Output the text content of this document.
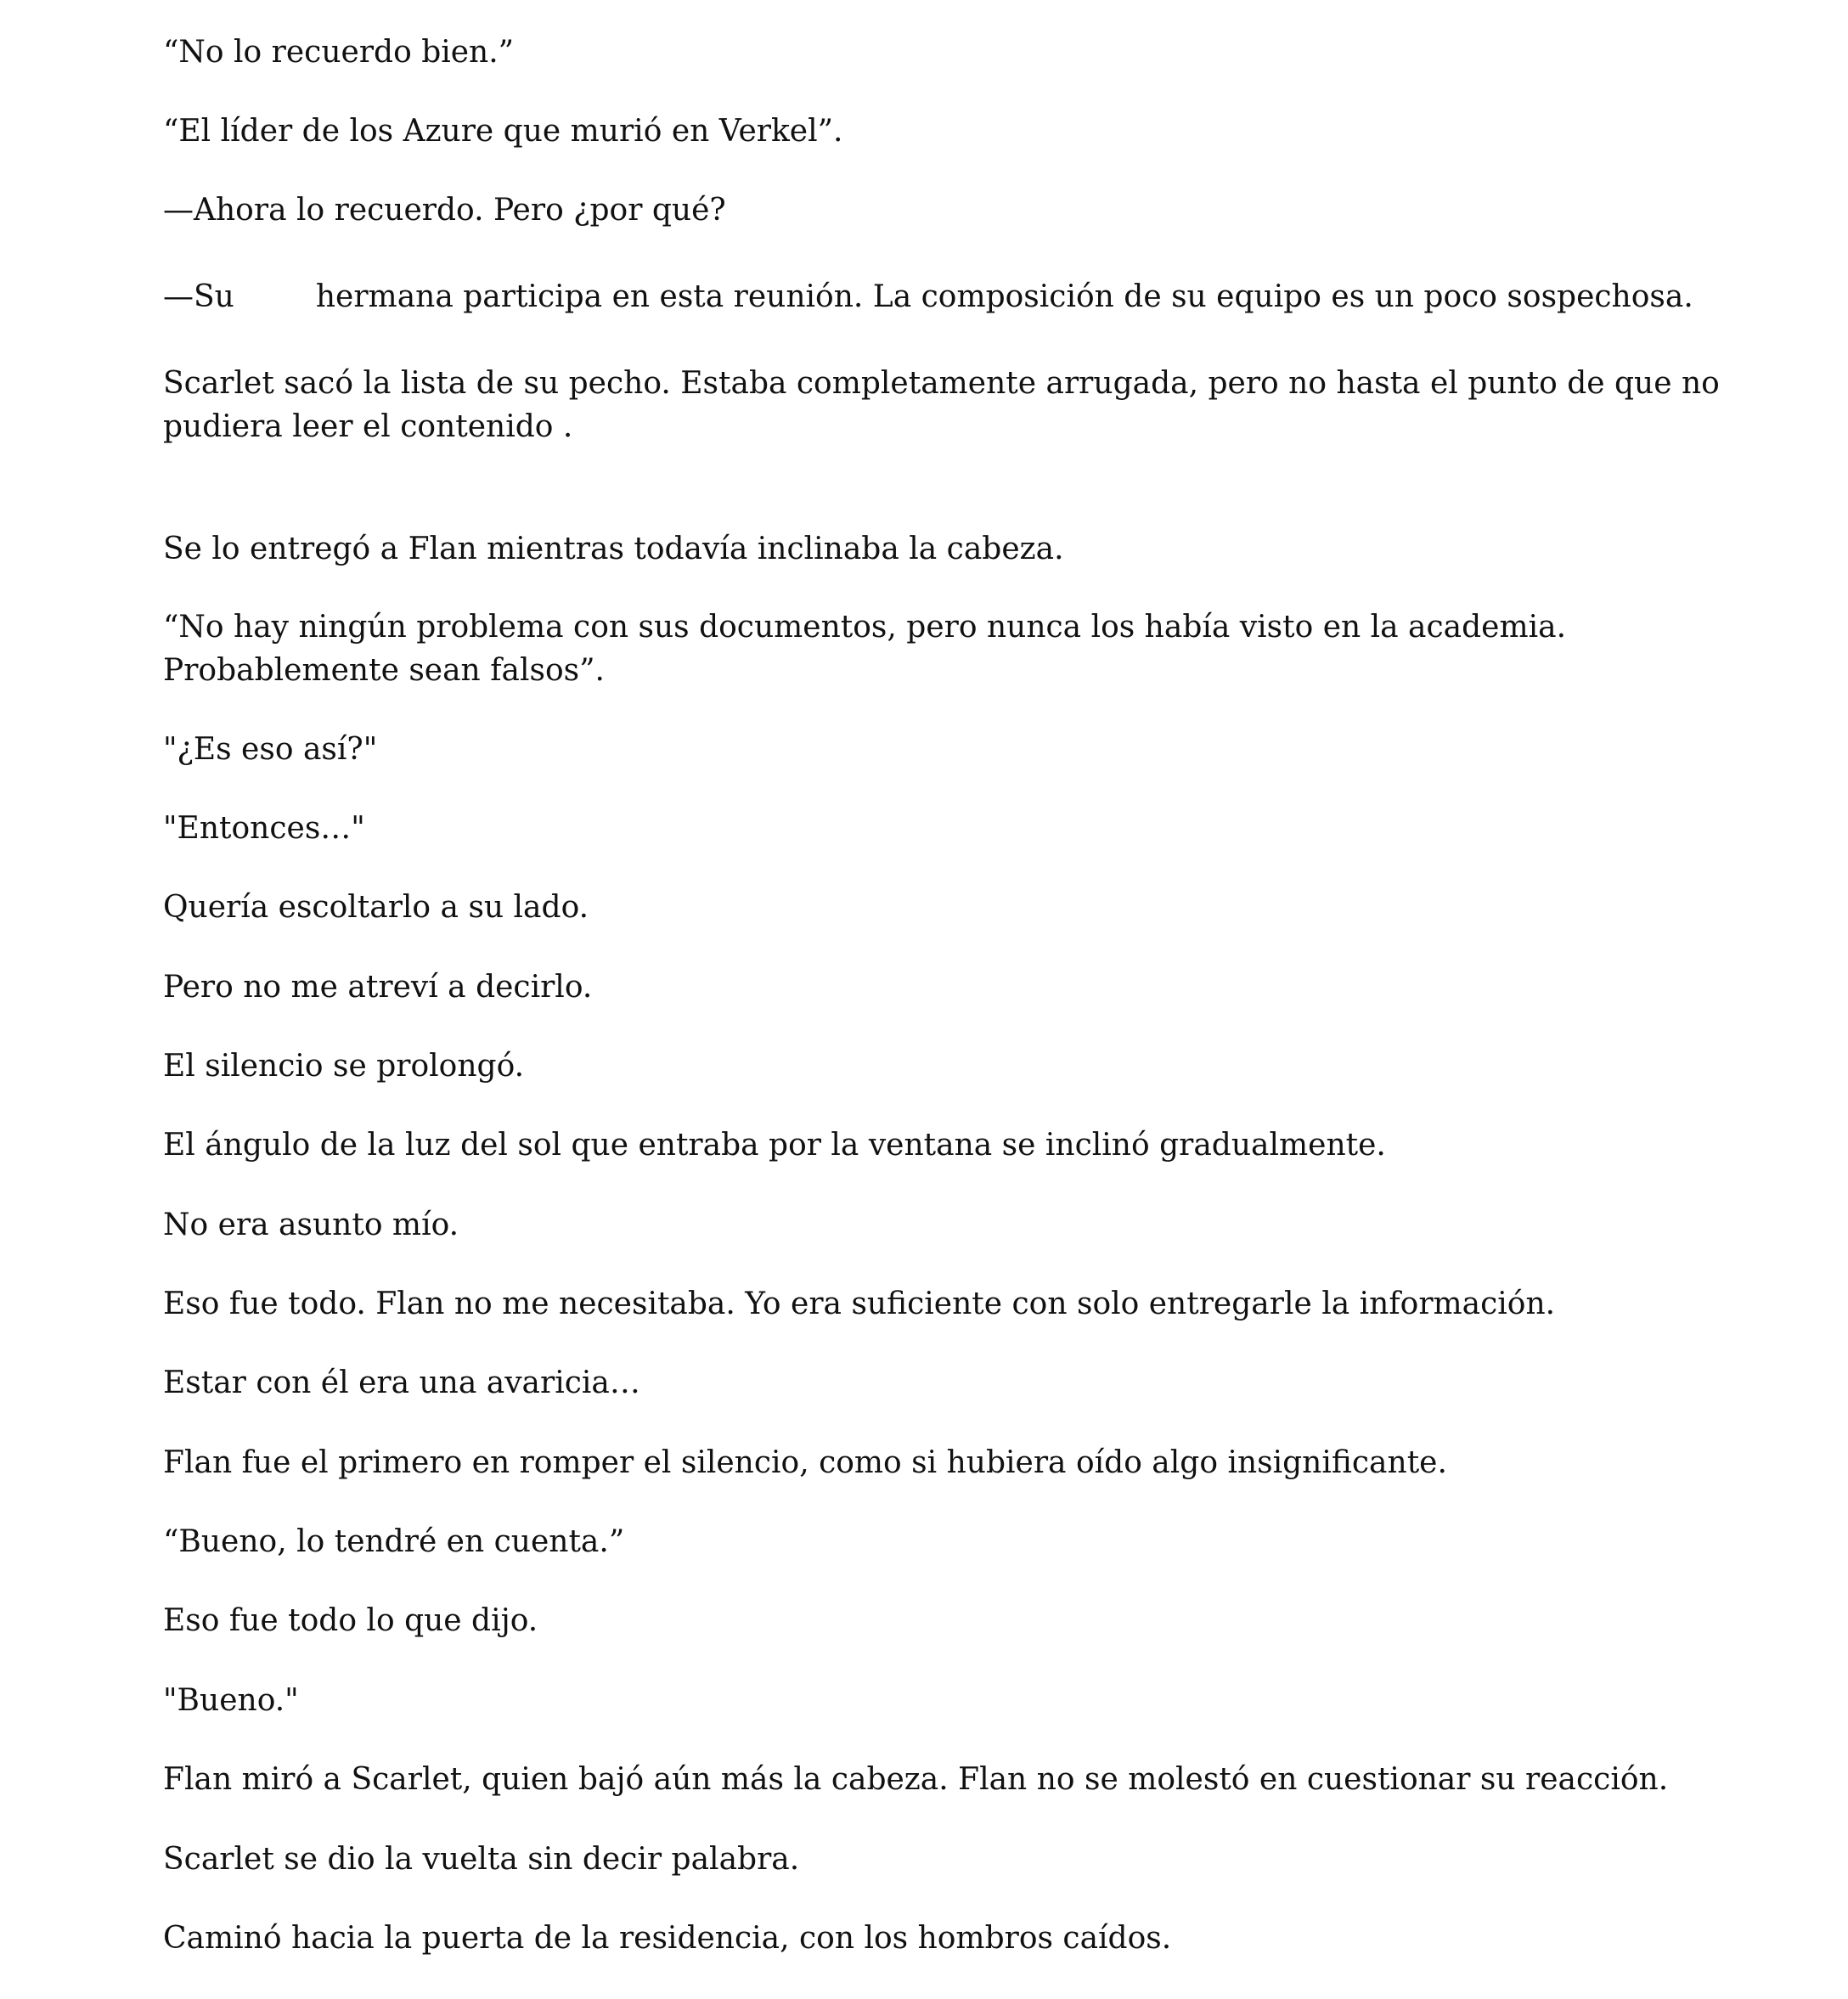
“No lo recuerdo bien.”

“El líder de los Azure que murió en Verkel”.

—Ahora lo recuerdo. Pero ¿por qué?

—Su	hermana participa en esta reunión. La composición de su equipo es un poco sospechosa.

Scarlet sacó la lista de su pecho. Estaba completamente arrugada, pero no hasta el punto de que no

pudiera leer el contenido .

Se lo entregó a Flan mientras todavía inclinaba la cabeza.

“No hay ningún problema con sus documentos, pero nunca los había visto en la academia.

Probablemente sean falsos”.

"¿Es eso así?"

"Entonces…"

Quería escoltarlo a su lado.

Pero no me atreví a decirlo.

El silencio se prolongó.

El ángulo de la luz del sol que entraba por la ventana se inclinó gradualmente.

No era asunto mío.

Eso fue todo. Flan no me necesitaba. Yo era suficiente con solo entregarle la información.

Estar con él era una avaricia…

Flan fue el primero en romper el silencio, como si hubiera oído algo insignificante.

“Bueno, lo tendré en cuenta.”

Eso fue todo lo que dijo.

"Bueno."

Flan miró a Scarlet, quien bajó aún más la cabeza. Flan no se molestó en cuestionar su reacción.

Scarlet se dio la vuelta sin decir palabra.

Caminó hacia la puerta de la residencia, con los hombros caídos.
